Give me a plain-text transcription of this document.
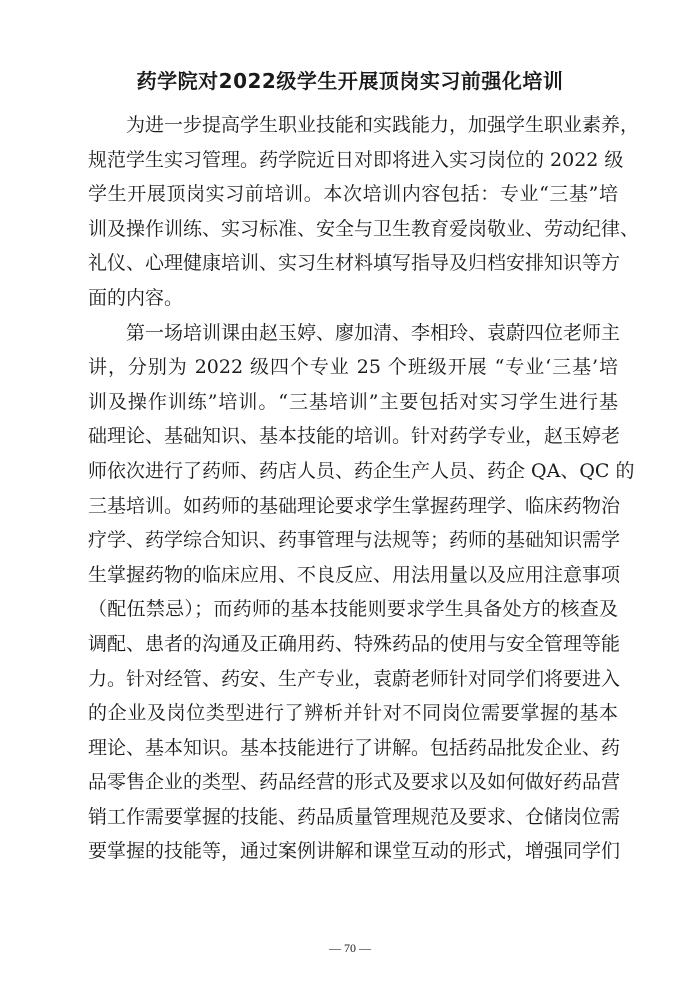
药学院对2022级学生开展顶岗实习前强化培训
为进一步提高学生职业技能和实践能力，加强学生职业素养，
规范学生实习管理。药学院近日对即将进入实习岗位的 2022 级
学生开展顶岗实习前培训。本次培训内容包括：专业“三基”培
训及操作训练、实习标准、安全与卫生教育爱岗敬业、劳动纪律、
礼仪、心理健康培训、实习生材料填写指导及归档安排知识等方
面的内容。
第一场培训课由赵玉婷、廖加清、李相玲、袁蔚四位老师主
讲，分别为 2022 级四个专业 25 个班级开展 “专业‘三基’培
训及操作训练”培训。“三基培训”主要包括对实习学生进行基
础理论、基础知识、基本技能的培训。针对药学专业，赵玉婷老
师依次进行了药师、药店人员、药企生产人员、药企 QA、QC 的
三基培训。如药师的基础理论要求学生掌握药理学、临床药物治
疗学、药学综合知识、药事管理与法规等；药师的基础知识需学
生掌握药物的临床应用、不良反应、用法用量以及应用注意事项
（配伍禁忌）；而药师的基本技能则要求学生具备处方的核查及
调配、患者的沟通及正确用药、特殊药品的使用与安全管理等能
力。针对经管、药安、生产专业，袁蔚老师针对同学们将要进入
的企业及岗位类型进行了辨析并针对不同岗位需要掌握的基本
理论、基本知识。基本技能进行了讲解。包括药品批发企业、药
品零售企业的类型、药品经营的形式及要求以及如何做好药品营
销工作需要掌握的技能、药品质量管理规范及要求、仓储岗位需
要掌握的技能等，通过案例讲解和课堂互动的形式，增强同学们
— 70 —
